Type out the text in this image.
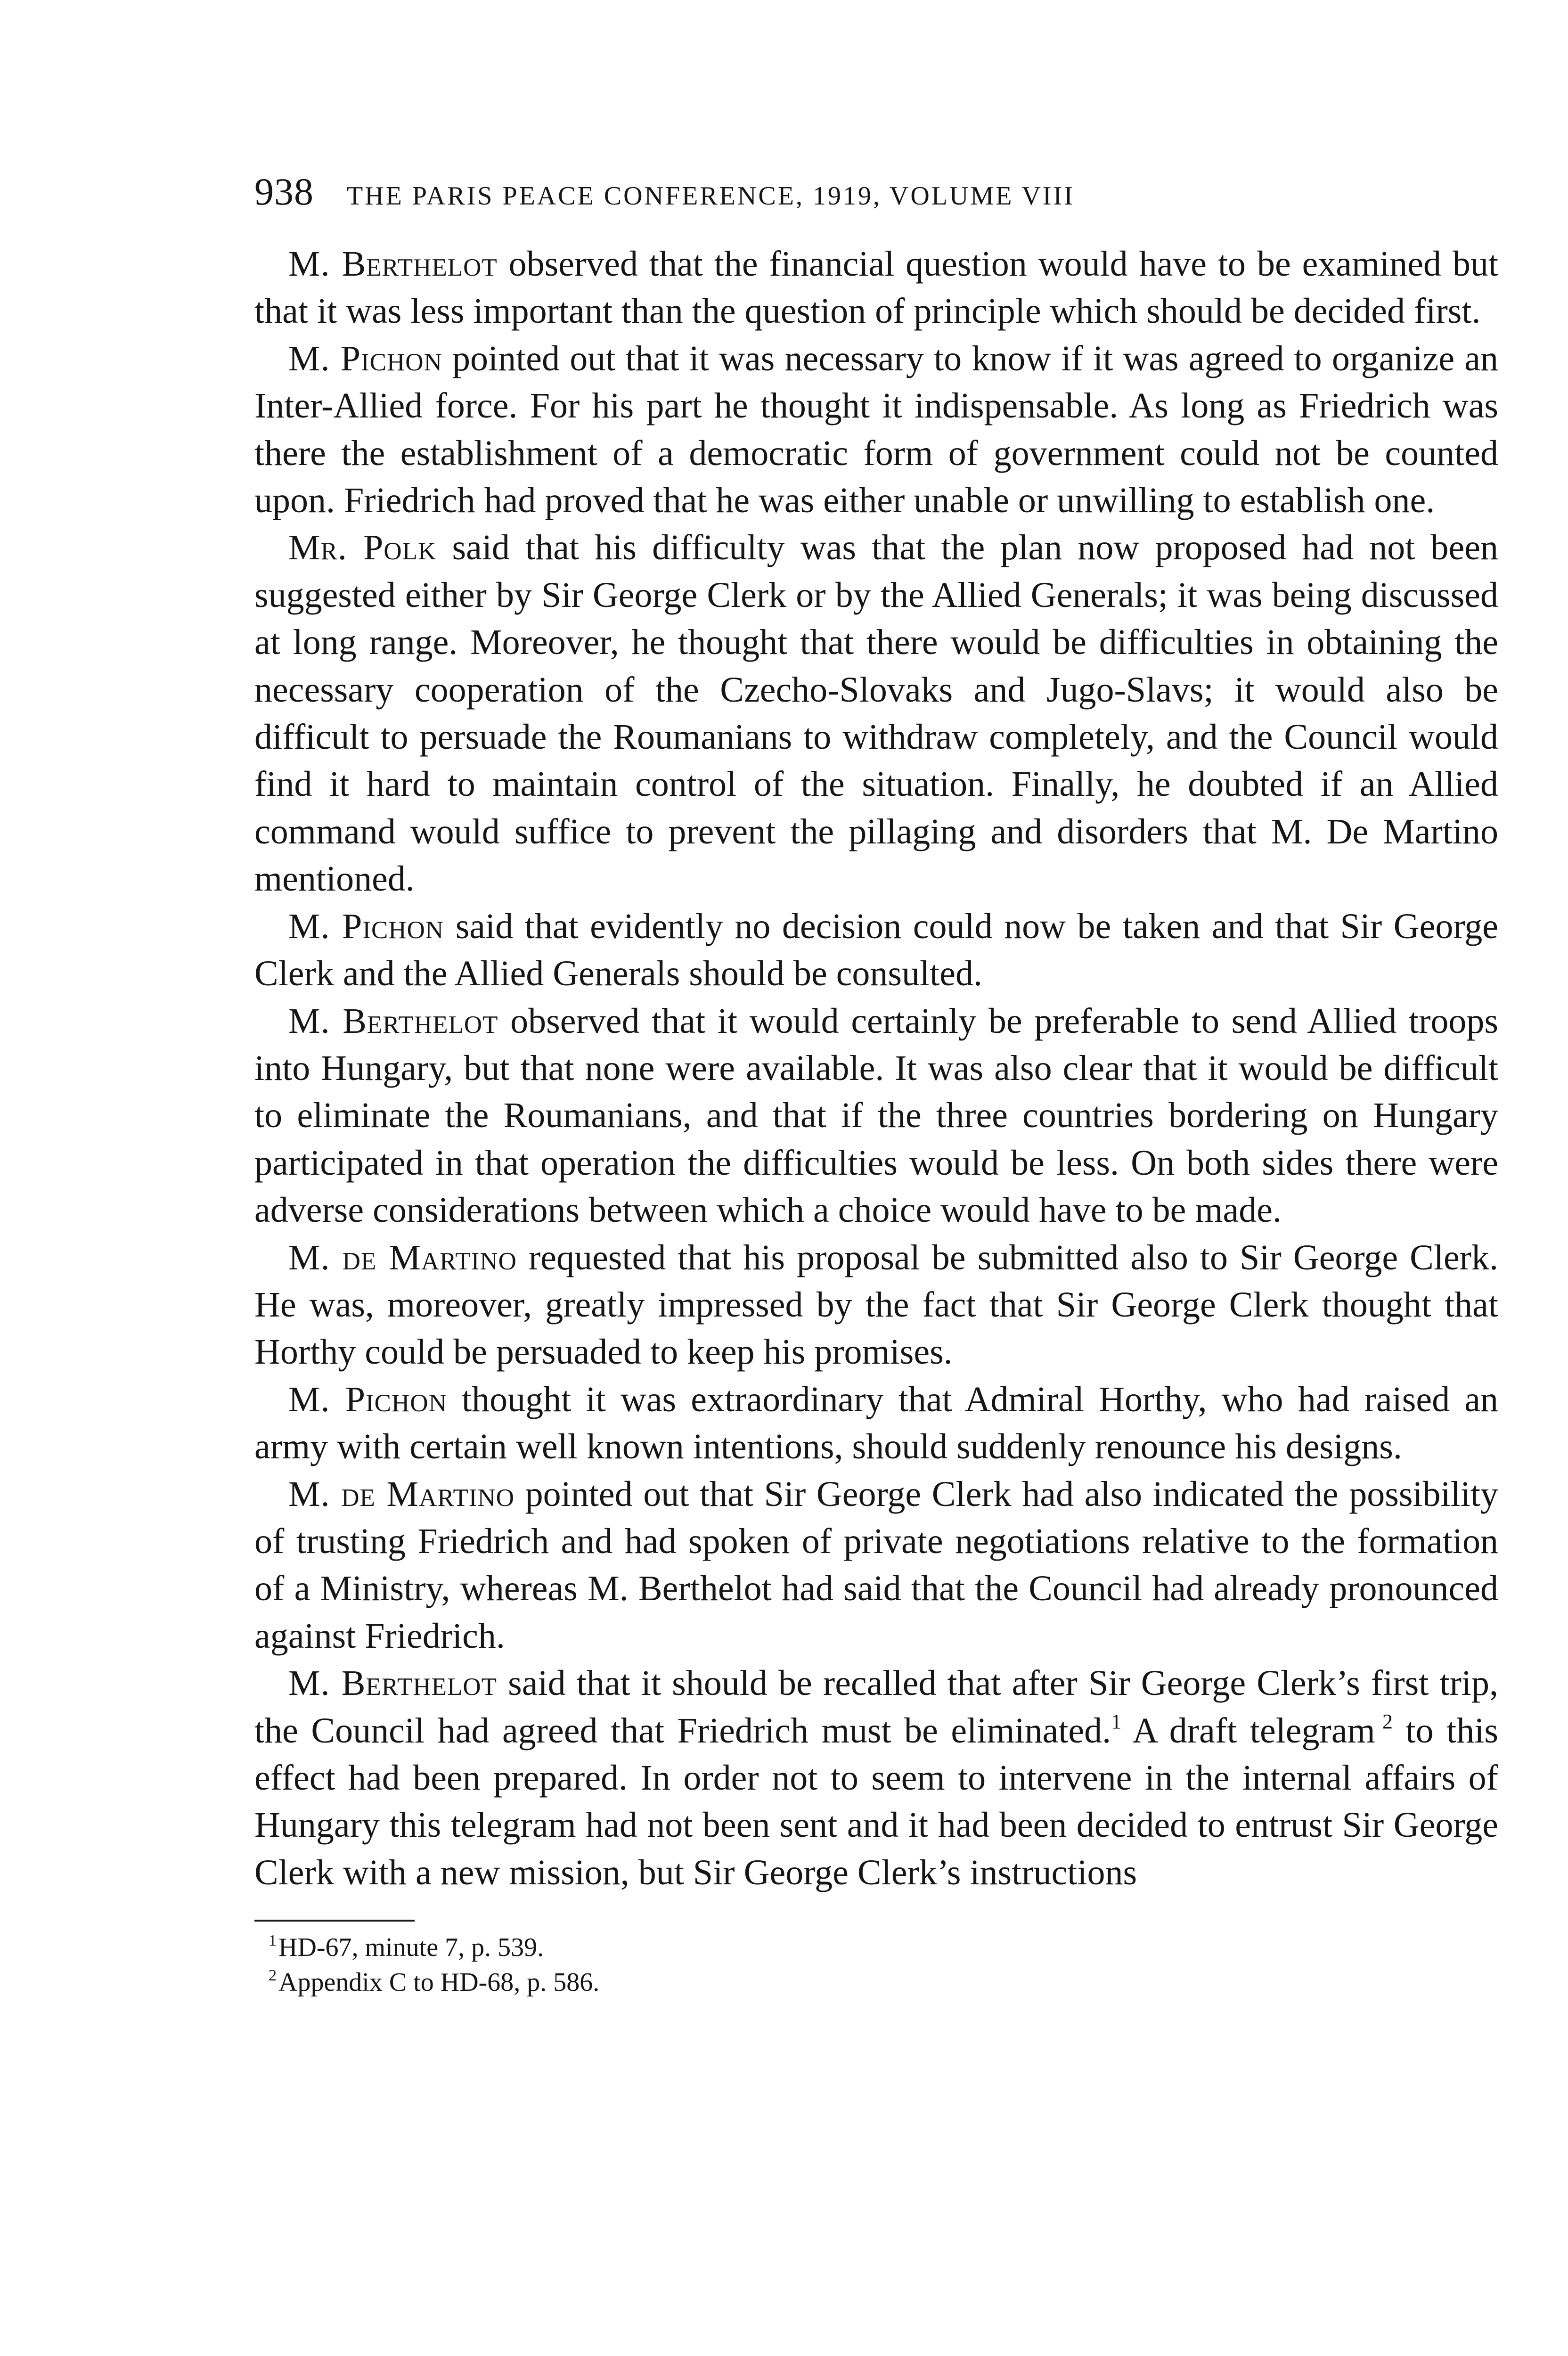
938 THE PARIS PEACE CONFERENCE, 1919, VOLUME VIII

M. Berthelot observed that the financial question would have to be examined but that it was less important than the question of principle which should be decided first.

M. Pichon pointed out that it was necessary to know if it was agreed to organize an Inter-Allied force. For his part he thought it indispensable. As long as Friedrich was there the establishment of a democratic form of government could not be counted upon. Friedrich had proved that he was either unable or unwilling to establish one.

Mr. Polk said that his difficulty was that the plan now proposed had not been suggested either by Sir George Clerk or by the Allied Generals; it was being discussed at long range. Moreover, he thought that there would be difficulties in obtaining the necessary cooperation of the Czecho-Slovaks and Jugo-Slavs; it would also be difficult to persuade the Roumanians to withdraw completely, and the Council would find it hard to maintain control of the situation. Finally, he doubted if an Allied command would suffice to prevent the pillaging and disorders that M. De Martino mentioned.

M. Pichon said that evidently no decision could now be taken and that Sir George Clerk and the Allied Generals should be consulted.

M. Berthelot observed that it would certainly be preferable to send Allied troops into Hungary, but that none were available. It was also clear that it would be difficult to eliminate the Roumanians, and that if the three countries bordering on Hungary participated in that operation the difficulties would be less. On both sides there were adverse considerations between which a choice would have to be made.

M. de Martino requested that his proposal be submitted also to Sir George Clerk. He was, moreover, greatly impressed by the fact that Sir George Clerk thought that Horthy could be persuaded to keep his promises.

M. Pichon thought it was extraordinary that Admiral Horthy, who had raised an army with certain well known intentions, should suddenly renounce his designs.

M. de Martino pointed out that Sir George Clerk had also indicated the possibility of trusting Friedrich and had spoken of private negotiations relative to the formation of a Ministry, whereas M. Berthelot had said that the Council had already pronounced against Friedrich.

M. Berthelot said that it should be recalled that after Sir George Clerk’s first trip, the Council had agreed that Friedrich must be eliminated.$^1$ A draft telegram  $^2$ to this effect had been prepared. In order not to seem to intervene in the internal affairs of Hungary this telegram had not been sent and it had been decided to entrust Sir George Clerk with a new mission, but Sir George Clerk’s instructions

$^1$HD-67, minute 7, p. 539.
$^2$Appendix C to HD-68, p. 586.
